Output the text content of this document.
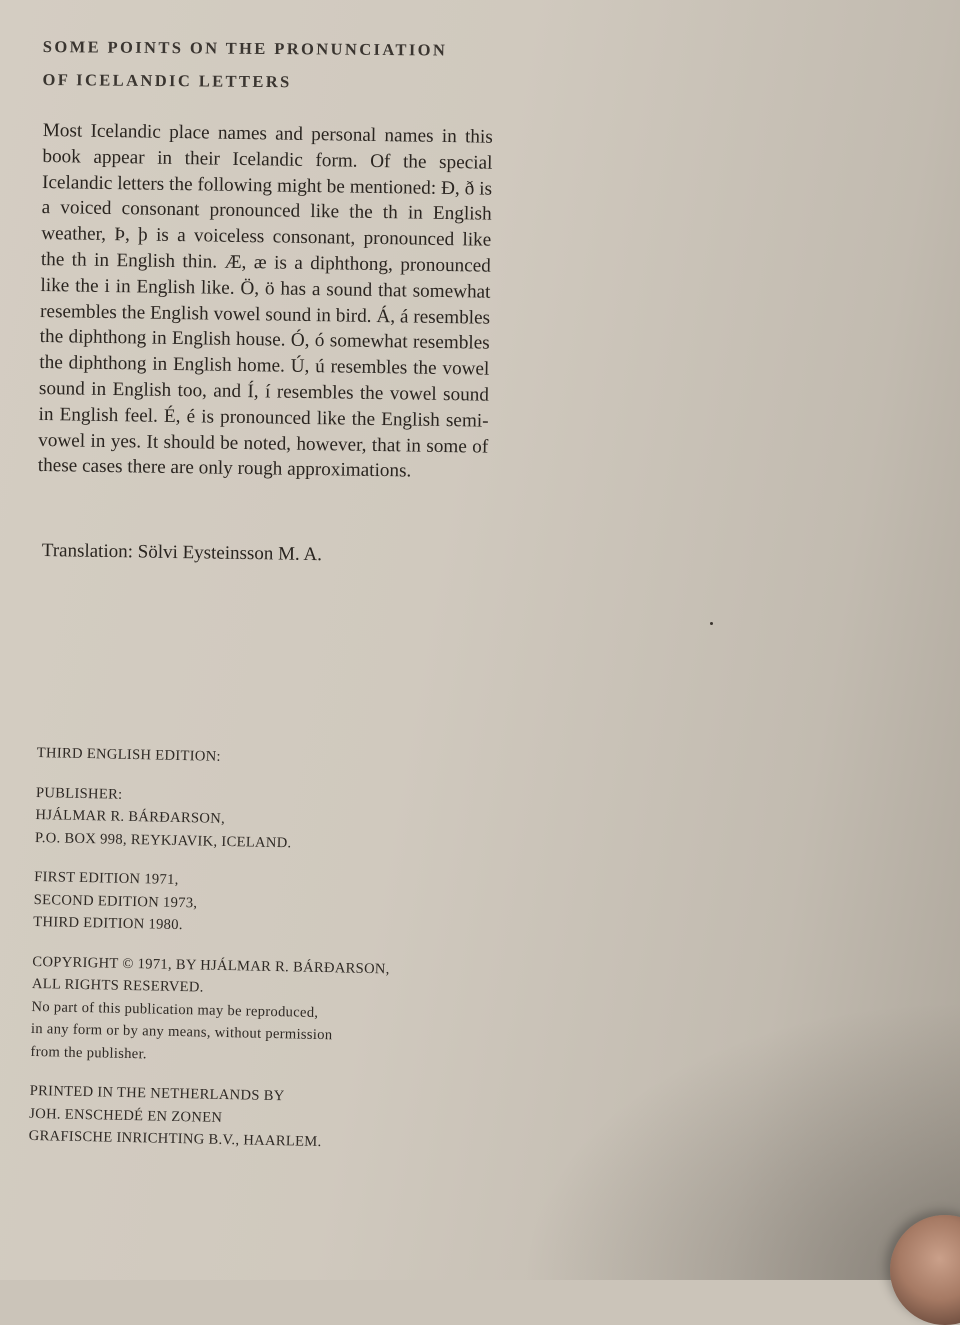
SOME POINTS ON THE PRONUNCIATION
OF ICELANDIC LETTERS

Most Icelandic place names and personal names in this book appear in their Icelandic form. Of the special Icelandic letters the following might be mentioned: Ð, ð is a voiced consonant pronounced like the th in English weather, Þ, þ is a voiceless consonant, pronounced like the th in English thin. Æ, æ is a diphthong, pronounced like the i in English like. Ö, ö has a sound that somewhat resembles the English vowel sound in bird. Á, á resembles the diphthong in English house. Ó, ó somewhat resembles the diphthong in English home. Ú, ú resembles the vowel sound in English too, and Í, í resembles the vowel sound in English feel. É, é is pronounced like the English semi-vowel in yes. It should be noted, however, that in some of these cases there are only rough approximations.

Translation: Sölvi Eysteinsson M. A.
THIRD ENGLISH EDITION:
PUBLISHER:
HJÁLMAR R. BÁRÐARSON,
P.O. BOX 998, REYKJAVIK, ICELAND.
FIRST EDITION 1971,
SECOND EDITION 1973,
THIRD EDITION 1980.
COPYRIGHT © 1971, BY HJÁLMAR R. BÁRÐARSON,
ALL RIGHTS RESERVED.
No part of this publication may be reproduced,
in any form or by any means, without permission
from the publisher.
PRINTED IN THE NETHERLANDS BY
JOH. ENSCHEDÉ EN ZONEN
GRAFISCHE INRICHTING B.V., HAARLEM.
